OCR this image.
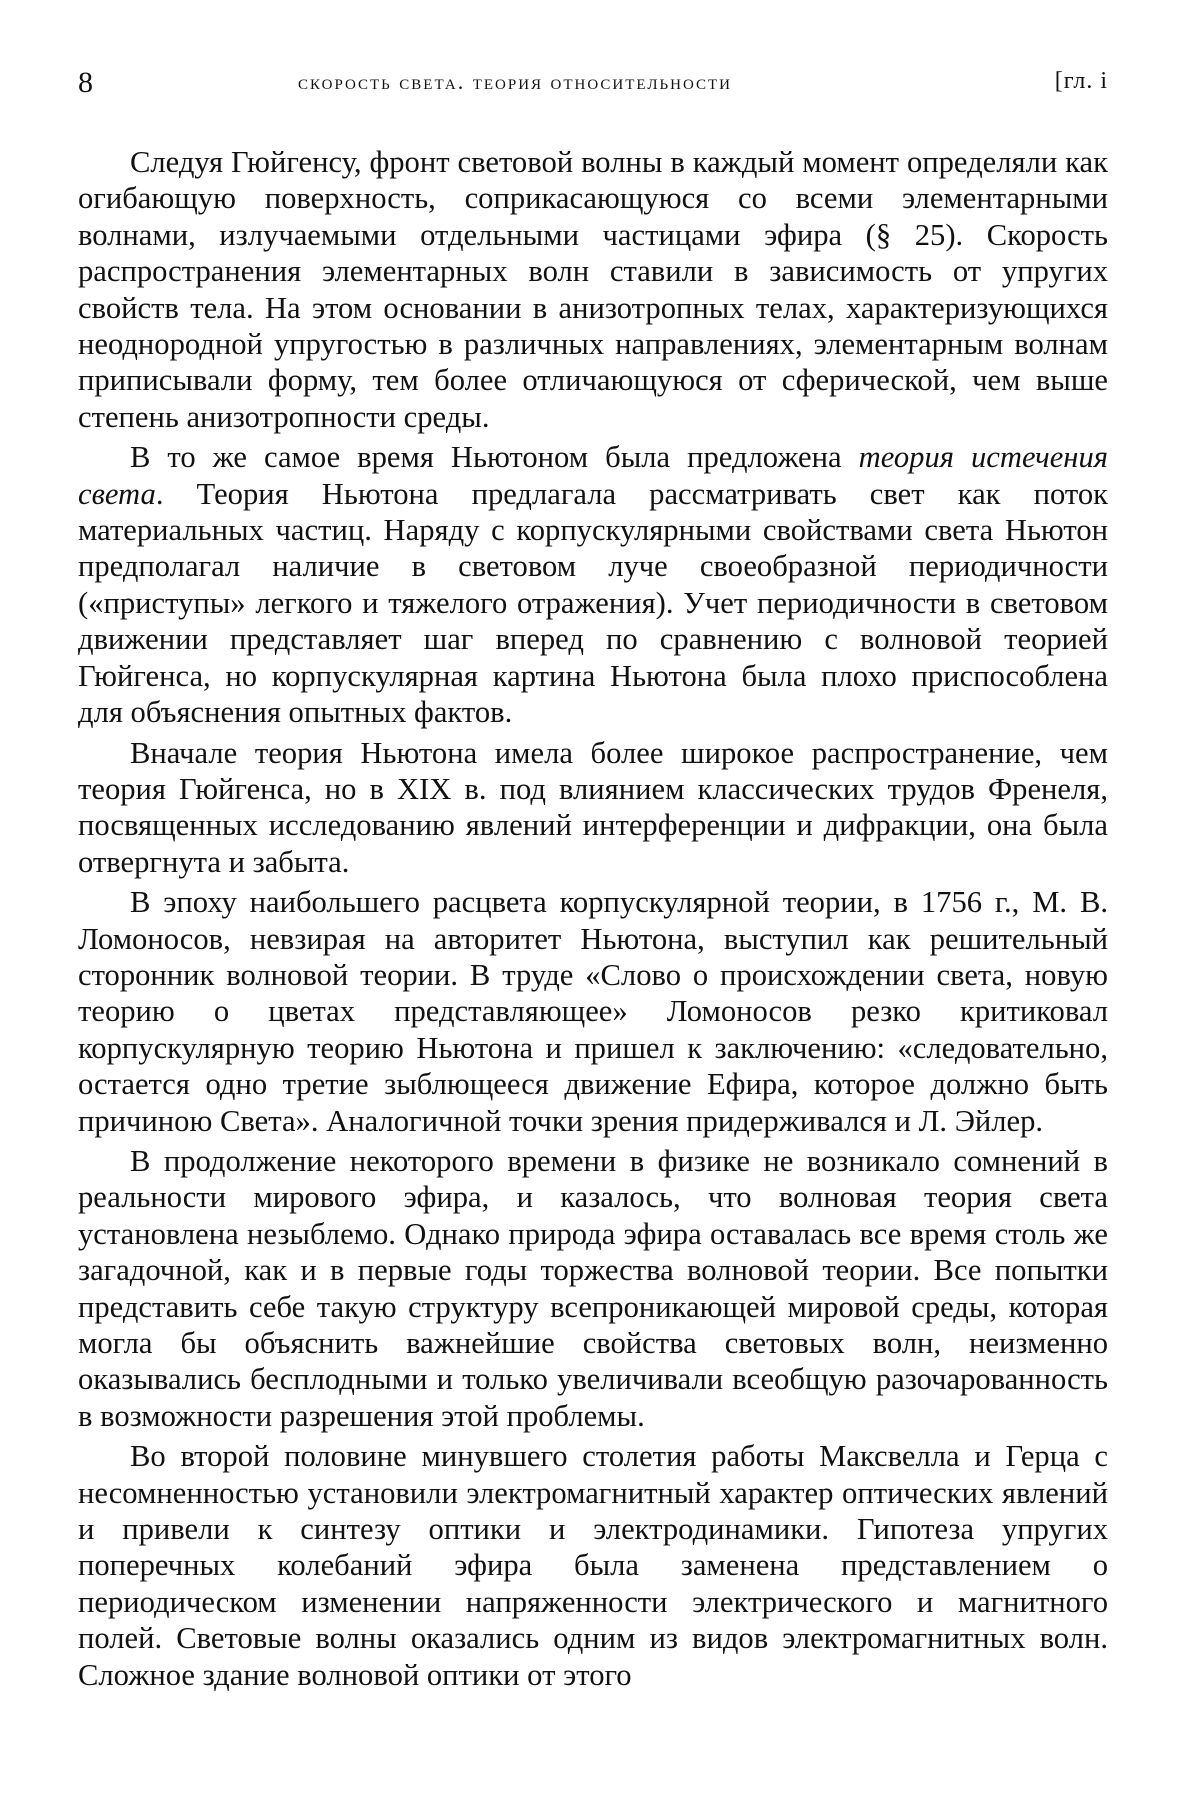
8	скорость света. теория относительности	[гл. i

Следуя Гюйгенсу, фронт световой волны в каждый момент определяли как огибающую поверхность, соприкасающуюся со всеми элементарными волнами, излучаемыми отдельными частицами эфира (§ 25). Скорость распространения элементарных волн ставили в зависимость от упругих свойств тела. На этом основании в анизотропных телах, характеризующихся неоднородной упругостью в различных направлениях, элементарным волнам приписывали форму, тем более отличающуюся от сферической, чем выше степень анизотропности среды.

В то же самое время Ньютоном была предложена теория истечения света. Теория Ньютона предлагала рассматривать свет как поток материальных частиц. Наряду с корпускулярными свойствами света Ньютон предполагал наличие в световом луче своеобразной периодичности («приступы» легкого и тяжелого отражения). Учет периодичности в световом движении представляет шаг вперед по сравнению с волновой теорией Гюйгенса, но корпускулярная картина Ньютона была плохо приспособлена для объяснения опытных фактов.

Вначале теория Ньютона имела более широкое распространение, чем теория Гюйгенса, но в XIX в. под влиянием классических трудов Френеля, посвященных исследованию явлений интерференции и дифракции, она была отвергнута и забыта.

В эпоху наибольшего расцвета корпускулярной теории, в 1756 г., М. В. Ломоносов, невзирая на авторитет Ньютона, выступил как решительный сторонник волновой теории. В труде «Слово о происхождении света, новую теорию о цветах представляющее» Ломоносов резко критиковал корпускулярную теорию Ньютона и пришел к заключению: «следовательно, остается одно третие зыблющееся движение Ефира, которое должно быть причиною Света». Аналогичной точки зрения придерживался и Л. Эйлер.

В продолжение некоторого времени в физике не возникало сомнений в реальности мирового эфира, и казалось, что волновая теория света установлена незыблемо. Однако природа эфира оставалась все время столь же загадочной, как и в первые годы торжества волновой теории. Все попытки представить себе такую структуру всепроникающей мировой среды, которая могла бы объяснить важнейшие свойства световых волн, неизменно оказывались бесплодными и только увеличивали всеобщую разочарованность в возможности разрешения этой проблемы.

Во второй половине минувшего столетия работы Максвелла и Герца с несомненностью установили электромагнитный характер оптических явлений и привели к синтезу оптики и электродинамики. Гипотеза упругих поперечных колебаний эфира была заменена представлением о периодическом изменении напряженности электрического и магнитного полей. Световые волны оказались одним из видов электромагнитных волн. Сложное здание волновой оптики от этого
